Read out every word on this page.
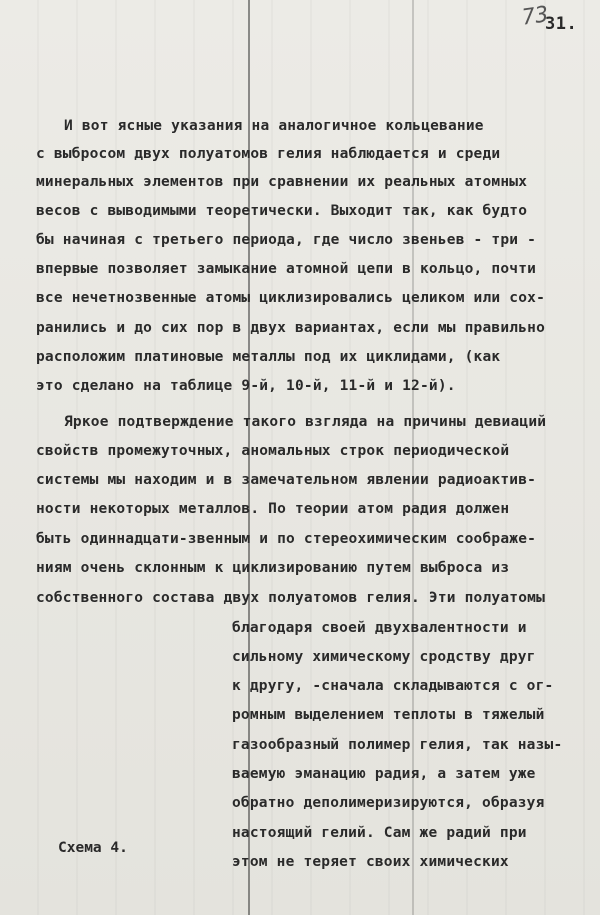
73
31.
И вот ясные указания на аналогичное кольцевание
с выбросом двух полуатомов гелия наблюдается и среди
минеральных элементов при сравнении их реальных атомных
весов с выводимыми теоретически. Выходит так, как будто
бы начиная с третьего периода, где число звеньев - три -
впервые позволяет замыкание атомной цепи в кольцо, почти
все нечетнозвенные атомы циклизировались целиком или сох-
ранились и до сих пор в двух вариантах, если мы правильно
расположим платиновые металлы под их циклидами, (как
это сделано на таблице 9-й, 10-й, 11-й и 12-й).
Яркое подтверждение такого взгляда на причины девиаций
свойств промежуточных, аномальных строк периодической
системы мы находим и в замечательном явлении радиоактив-
ности некоторых металлов. По теории атом радия должен
быть одиннадцати-звенным и по стереохимическим соображе-
ниям очень склонным к циклизированию путем выброса из
собственного состава двух полуатомов гелия. Эти полуатомы
благодаря своей двухвалентности и
сильному химическому сродству друг
к другу, -сначала складываются с ог-
ромным выделением теплоты в тяжелый
газообразный полимер гелия, так назы-
ваемую эманацию радия, а затем уже
обратно деполимеризируются, образуя
настоящий гелий. Сам же радий при
этом не теряет своих химических
Схема 4.
